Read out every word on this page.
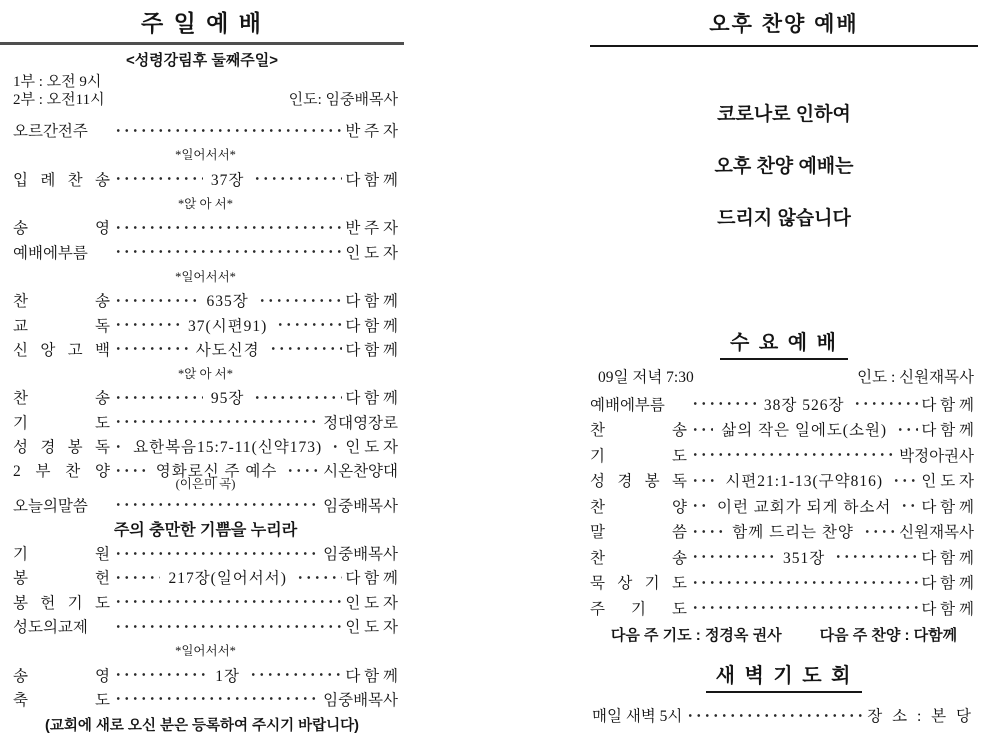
주 일 예 배
<성령강림후 둘째주일>
1부 : 오전 9시
2부 : 오전11시	인도: 임중배목사
오르간전주	반 주 자
*일어서서*
입 례 찬 송	37장	다 함 께
*앉 아 서*
송 영	반 주 자
예배에부름	인 도 자
*일어서서*
찬 송	635장	다 함 께
교 독	37(시편91)	다 함 께
신 앙 고 백	사도신경	다 함 께
*앉 아 서*
찬 송	95장	다 함 께
기 도	정대영장로
성 경 봉 독	요한복음15:7-11(신약173)	인 도 자
2 부 찬 양	영화로신 주 예수	시온찬양대
(이은미 곡)
오늘의말씀	임중배목사
주의 충만한 기쁨을 누리라
기 원	임중배목사
봉 헌	217장(일어서서)	다 함 께
봉 헌 기 도	인 도 자
성도의교제	인 도 자
*일어서서*
송 영	1장	다 함 께
축 도	임중배목사
(교회에 새로 오신 분은 등록하여 주시기 바랍니다)
오후 찬양 예배
코로나로 인하여
오후 찬양 예배는
드리지 않습니다
수 요 예 배
09일 저녁 7:30	인도 : 신원재목사
예배에부름	38장 526장	다 함 께
찬 송	삶의 작은 일에도(소원)	다 함 께
기 도	박정아권사
성 경 봉 독	시편21:1-13(구약816)	인 도 자
찬 양	이런 교회가 되게 하소서	다 함 께
말 씀	함께 드리는 찬양	신원재목사
찬 송	351장	다 함 께
묵 상 기 도	다 함 께
주 기 도	다 함 께
다음 주 기도 : 정경옥 권사	다음 주 찬양 : 다함께
새 벽 기 도 회
매일 새벽 5시	장 소 : 본 당
